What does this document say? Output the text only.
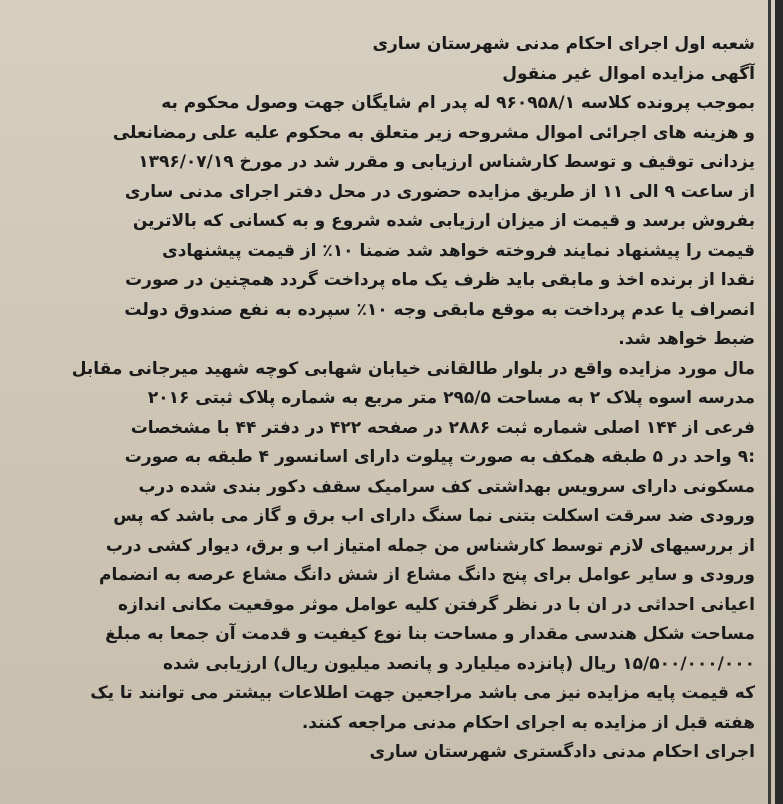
شعبه اول اجرای احکام مدنی شهرستان ساری
آگهی مزایده اموال غیر منقول
بموجب پرونده کلاسه ۹۶۰۹۵۸/۱ له پدر ام شایگان جهت وصول محکوم به
و هزینه های اجرائی اموال مشروحه زیر متعلق به محکوم علیه علی رمضانعلی
یزدانی توقیف و توسط کارشناس ارزیابی و مقرر شد در مورخ ۱۳۹۶/۰۷/۱۹
از ساعت ۹ الی ۱۱ از طریق مزایده حضوری در محل دفتر اجرای مدنی ساری
بفروش برسد و قیمت از میزان ارزیابی شده شروع و به کسانی که بالاترین
قیمت را پیشنهاد نمایند فروخته خواهد شد ضمنا ۱۰٪ از قیمت پیشنهادی
نقدا از برنده اخذ و مابقی باید ظرف یک ماه پرداخت گردد همچنین در صورت
انصراف یا عدم پرداخت به موقع مابقی وجه ۱۰٪ سپرده به نفع صندوق دولت
ضبط خواهد شد.
مال مورد مزایده واقع در بلوار طالقانی خیابان شهابی کوچه شهید میرجانی مقابل
مدرسه اسوه پلاک ۲ به مساحت ۲۹۵/۵ متر مربع به شماره پلاک ثبتی ۲۰۱۶
فرعی از ۱۴۴ اصلی شماره ثبت ۲۸۸۶ در صفحه ۴۲۲ در دفتر ۴۴ با مشخصات
:۹ واحد در ۵ طبقه همکف به صورت پیلوت دارای اسانسور ۴ طبقه به صورت
مسکونی دارای سرویس بهداشتی کف سرامیک سقف دکور بندی شده درب
ورودی ضد سرقت اسکلت بتنی نما سنگ دارای اب برق و گاز می باشد که پس
از بررسیهای لازم توسط کارشناس من جمله امتیاز اب و برق، دیوار کشی درب
ورودی و سایر عوامل برای پنج دانگ مشاع از شش دانگ مشاع عرصه به انضمام
اعیانی احداثی در ان با در نظر گرفتن کلیه عوامل موثر موقعیت مکانی اندازه
مساحت شکل هندسی مقدار و مساحت بنا نوع کیفیت و قدمت آن جمعا به مبلغ
۱۵/۵۰۰/۰۰۰/۰۰۰ ریال (پانزده میلیارد و پانصد میلیون ریال) ارزیابی شده
که قیمت پایه مزایده نیز می باشد مراجعین جهت اطلاعات بیشتر می توانند تا یک
هفته قبل از مزایده به اجرای احکام مدنی مراجعه کنند.
اجرای احکام مدنی دادگستری شهرستان ساری
